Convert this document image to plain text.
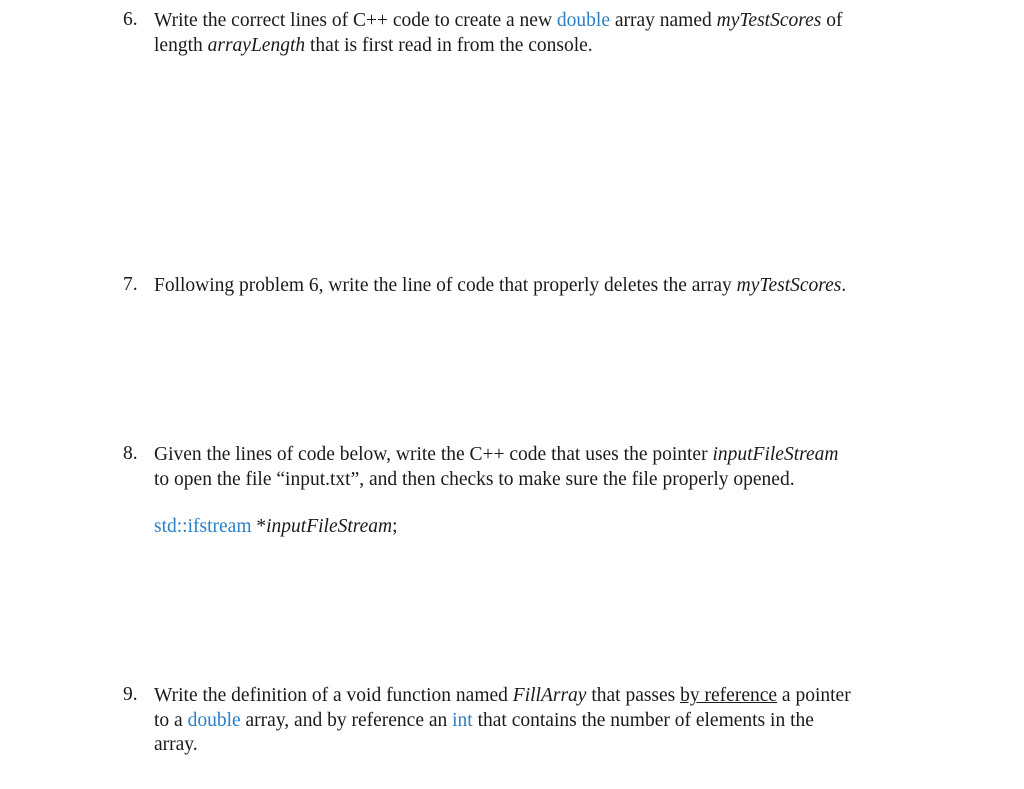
6. Write the correct lines of C++ code to create a new double array named myTestScores of
length arrayLength that is first read in from the console.
7. Following problem 6, write the line of code that properly deletes the array myTestScores.
8. Given the lines of code below, write the C++ code that uses the pointer inputFileStream
to open the file “input.txt”, and then checks to make sure the file properly opened.
std::ifstream *inputFileStream;
9. Write the definition of a void function named FillArray that passes by reference a pointer
to a double array, and by reference an int that contains the number of elements in the
array.
